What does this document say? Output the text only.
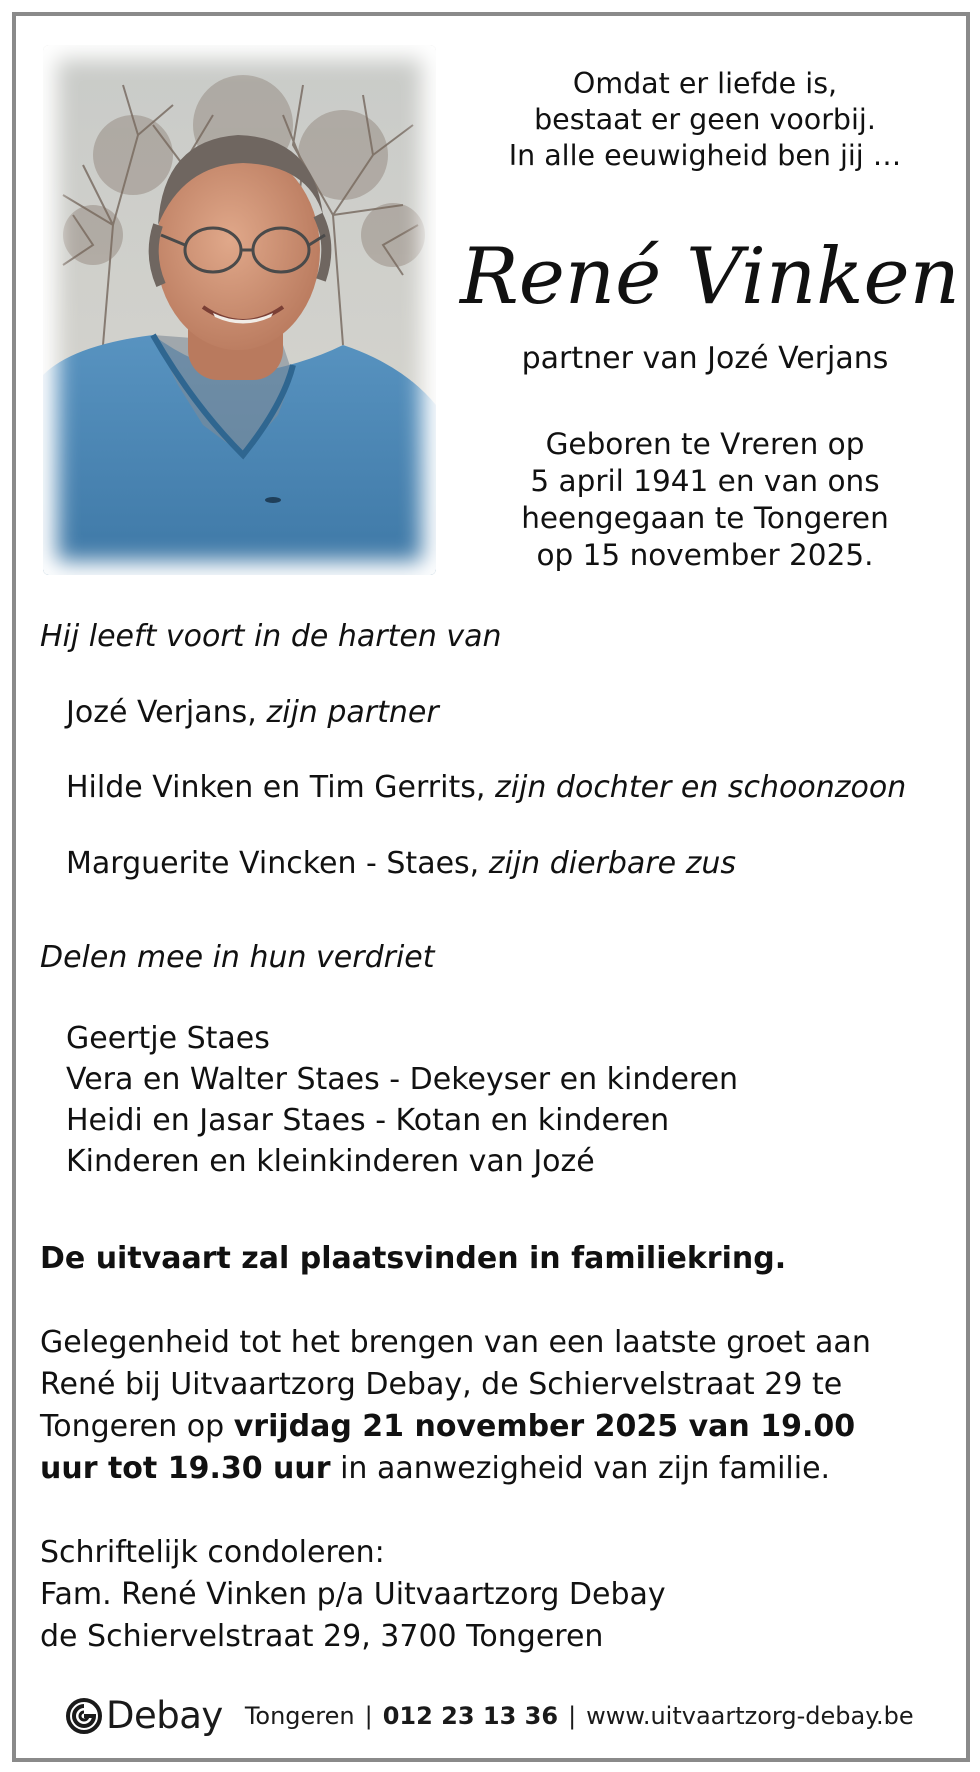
Omdat er liefde is,
bestaat er geen voorbij.
In alle eeuwigheid ben jij …
René Vinken
partner van Jozé Verjans
Geboren te Vreren op
5 april 1941 en van ons
heengegaan te Tongeren
op 15 november 2025.
Hij leeft voort in de harten van
Jozé Verjans, zijn partner
Hilde Vinken en Tim Gerrits, zijn dochter en schoonzoon
Marguerite Vincken - Staes, zijn dierbare zus
Delen mee in hun verdriet
Geertje Staes
Vera en Walter Staes - Dekeyser en kinderen
Heidi en Jasar Staes - Kotan en kinderen
Kinderen en kleinkinderen van Jozé
De uitvaart zal plaatsvinden in familiekring.
Gelegenheid tot het brengen van een laatste groet aan
René bij Uitvaartzorg Debay, de Schiervelstraat 29 te
Tongeren op vrijdag 21 november 2025 van 19.00
uur tot 19.30 uur in aanwezigheid van zijn familie.
Schriftelijk condoleren:
Fam. René Vinken p/a Uitvaartzorg Debay
de Schiervelstraat 29, 3700 Tongeren
Debay Tongeren | 012 23 13 36 | www.uitvaartzorg-debay.be
